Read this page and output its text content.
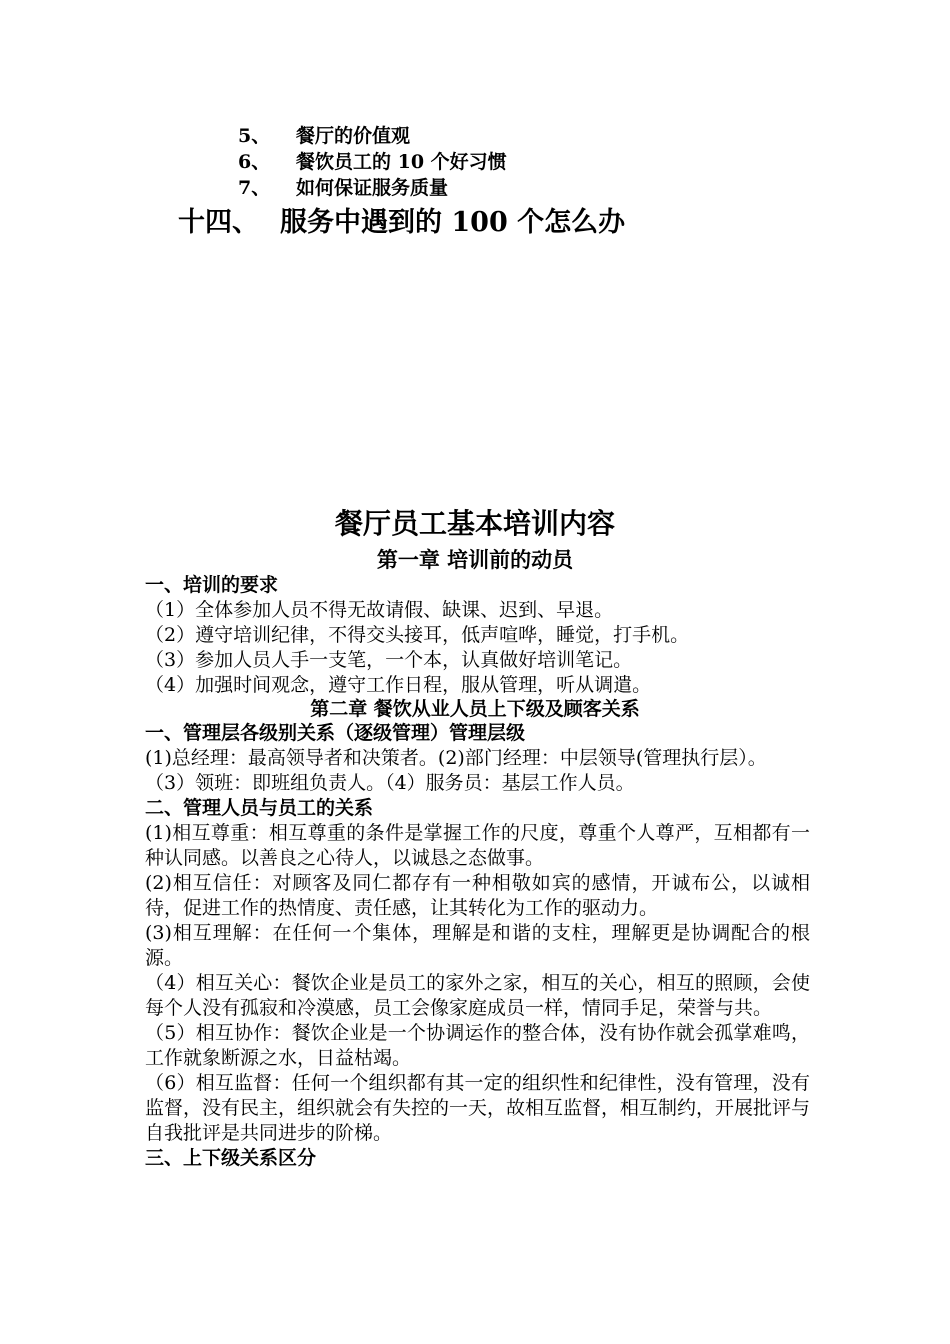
5、 餐厅的价值观
6、 餐饮员工的 10 个好习惯
7、 如何保证服务质量
十四、 服务中遇到的 100 个怎么办
餐厅员工基本培训内容
第一章 培训前的动员
一、培训的要求
（1）全体参加人员不得无故请假、缺课、迟到、早退。
（2）遵守培训纪律，不得交头接耳，低声喧哗，睡觉，打手机。
（3）参加人员人手一支笔，一个本，认真做好培训笔记。
（4）加强时间观念，遵守工作日程，服从管理，听从调遣。
第二章 餐饮从业人员上下级及顾客关系
一、管理层各级别关系（逐级管理）管理层级
(1)总经理：最高领导者和决策者。(2)部门经理：中层领导(管理执行层）。
（3）领班：即班组负责人。（4）服务员：基层工作人员。
二、管理人员与员工的关系
(1)相互尊重：相互尊重的条件是掌握工作的尺度，尊重个人尊严，互相都有一种认同感。以善良之心待人，以诚恳之态做事。
(2)相互信任：对顾客及同仁都存有一种相敬如宾的感情，开诚布公，以诚相待，促进工作的热情度、责任感，让其转化为工作的驱动力。
(3)相互理解：在任何一个集体，理解是和谐的支柱，理解更是协调配合的根源。
（4）相互关心：餐饮企业是员工的家外之家，相互的关心，相互的照顾，会使每个人没有孤寂和冷漠感，员工会像家庭成员一样，情同手足，荣誉与共。
（5）相互协作：餐饮企业是一个协调运作的整合体，没有协作就会孤掌难鸣，工作就象断源之水，日益枯竭。
（6）相互监督：任何一个组织都有其一定的组织性和纪律性，没有管理，没有监督，没有民主，组织就会有失控的一天，故相互监督，相互制约，开展批评与自我批评是共同进步的阶梯。
三、上下级关系区分
